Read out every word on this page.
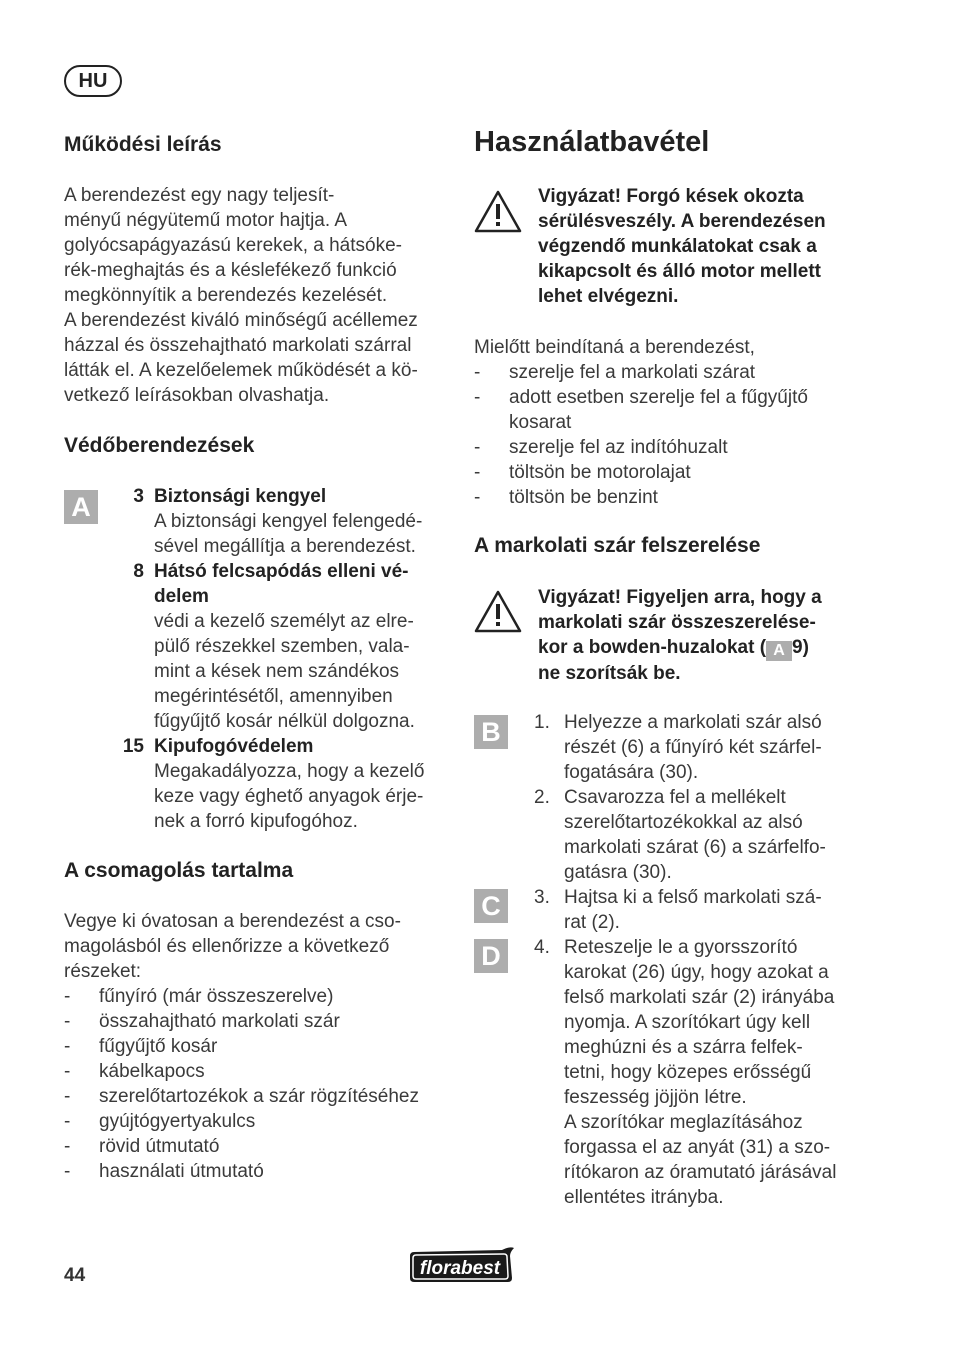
HU
Működési leírás
A berendezést egy nagy teljesít-
ményű négyütemű motor hajtja. A
golyócsapágyazású kerekek, a hátsóke-
rék-meghajtás és a késlefékező funkció
megkönnyítik a berendezés kezelését.
A berendezést kiváló minőségű acéllemez
házzal és összehajtható markolati szárral
látták el. A kezelőelemek működését a kö-
vetkező leírásokban olvashatja.
Védőberendezések
A	3 Biztonsági kengyel
A biztonsági kengyel felengedé-
sével megállítja a berendezést.
8 Hátsó felcsapódás elleni vé-
delem
védi a kezelő személyt az elre-
pülő részekkel szemben, vala-
mint a kések nem szándékos
megérintésétől, amennyiben
fűgyűjtő kosár nélkül dolgozna.
15 Kipufogóvédelem
Megakadályozza, hogy a kezelő
keze vagy éghető anyagok érje-
nek a forró kipufogóhoz.
A csomagolás tartalma
Vegye ki óvatosan a berendezést a cso-
magolásból és ellenőrizze a következő
részeket:
- fűnyíró (már összeszerelve)
- összahajtható markolati szár
- fűgyűjtő kosár
- kábelkapocs
- szerelőtartozékok a szár rögzítéséhez
- gyújtógyertyakulcs
- rövid útmutató
- használati útmutató
Használatbavétel
Vigyázat! Forgó kések okozta
sérülésveszély. A berendezésen
végzendő munkálatokat csak a
kikapcsolt és álló motor mellett
lehet elvégezni.
Mielőtt beindítaná a berendezést,
- szerelje fel a markolati szárat
- adott esetben szerelje fel a fűgyűjtő
kosarat
- szerelje fel az indítóhuzalt
- töltsön be motorolajat
- töltsön be benzint
A markolati szár felszerelése
Vigyázat! Figyeljen arra, hogy a
markolati szár összeszerelése-
kor a bowden-huzalokat ( A 9)
ne szorítsák be.
B
C
D
1. Helyezze a markolati szár alsó
részét (6) a fűnyíró két szárfel-
fogatására (30).
2. Csavarozza fel a mellékelt
szerelőtartozékokkal az alsó
markolati szárat (6) a szárfelfo-
gatásra (30).
3. Hajtsa ki a felső markolati szá-
rat (2).
4. Reteszelje le a gyorsszorító
karokat (26) úgy, hogy azokat a
felső markolati szár (2) irányába
nyomja. A szorítókart úgy kell
meghúzni és a szárra felfek-
tetni, hogy közepes erősségű
feszesség jöjjön létre.
A szorítókar meglazításához
forgassa el az anyát (31) a szo-
rítókaron az óramutató járásával
ellentétes itrányba.
44	florabest
